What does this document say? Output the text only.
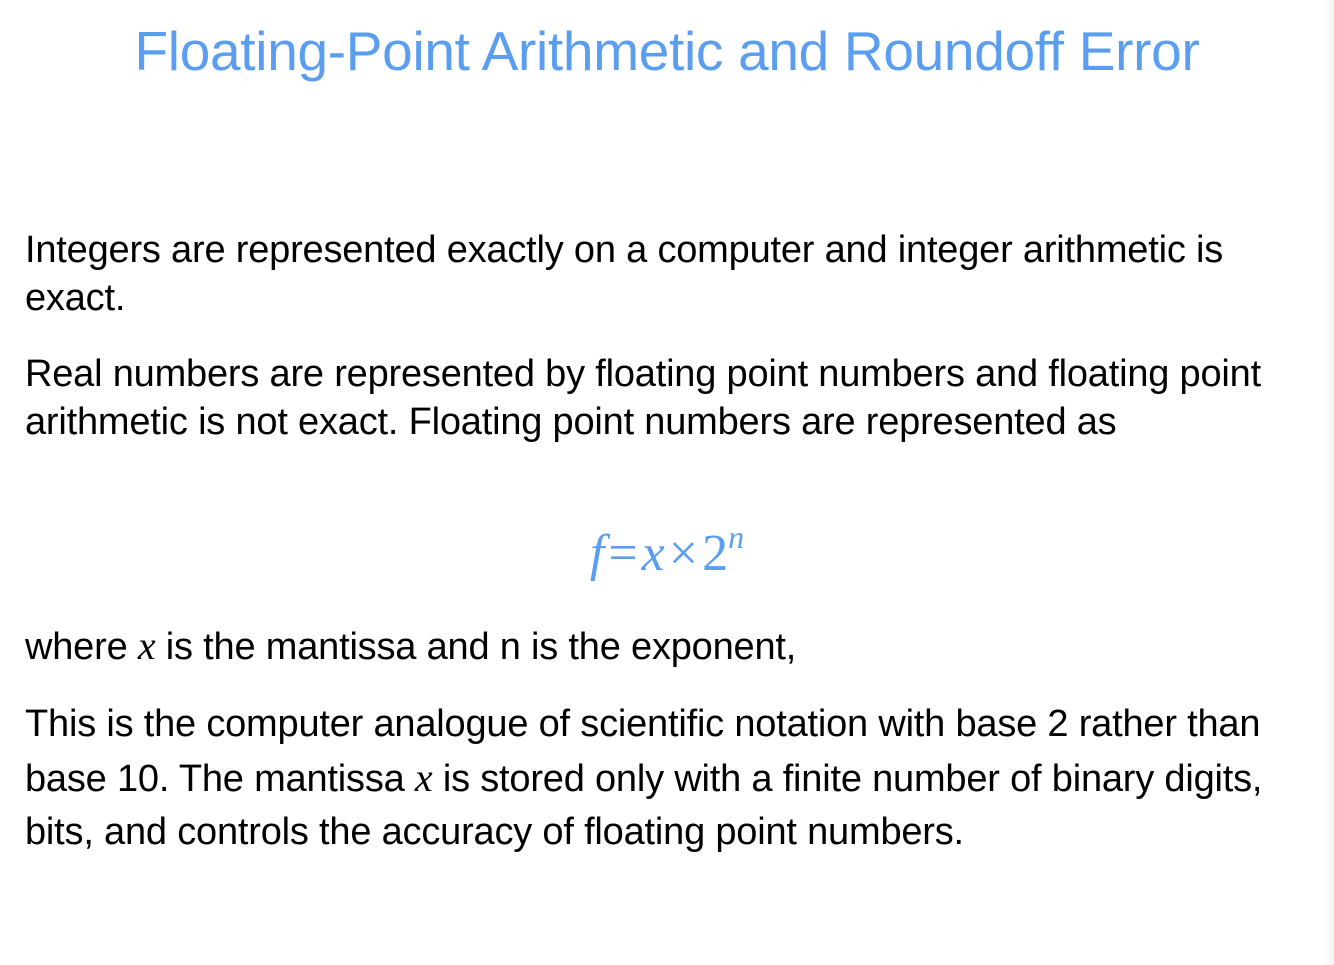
Floating-Point Arithmetic and Roundoff Error
Integers are represented exactly on a computer and integer arithmetic is exact.
Real numbers are represented by floating point numbers and floating point arithmetic is not exact. Floating point numbers are represented as
$f=x\times 2^n$
where x is the mantissa and n is the exponent,
This is the computer analogue of scientific notation with base 2 rather than base 10. The mantissa x is stored only with a finite number of binary digits, bits, and controls the accuracy of floating point numbers.
